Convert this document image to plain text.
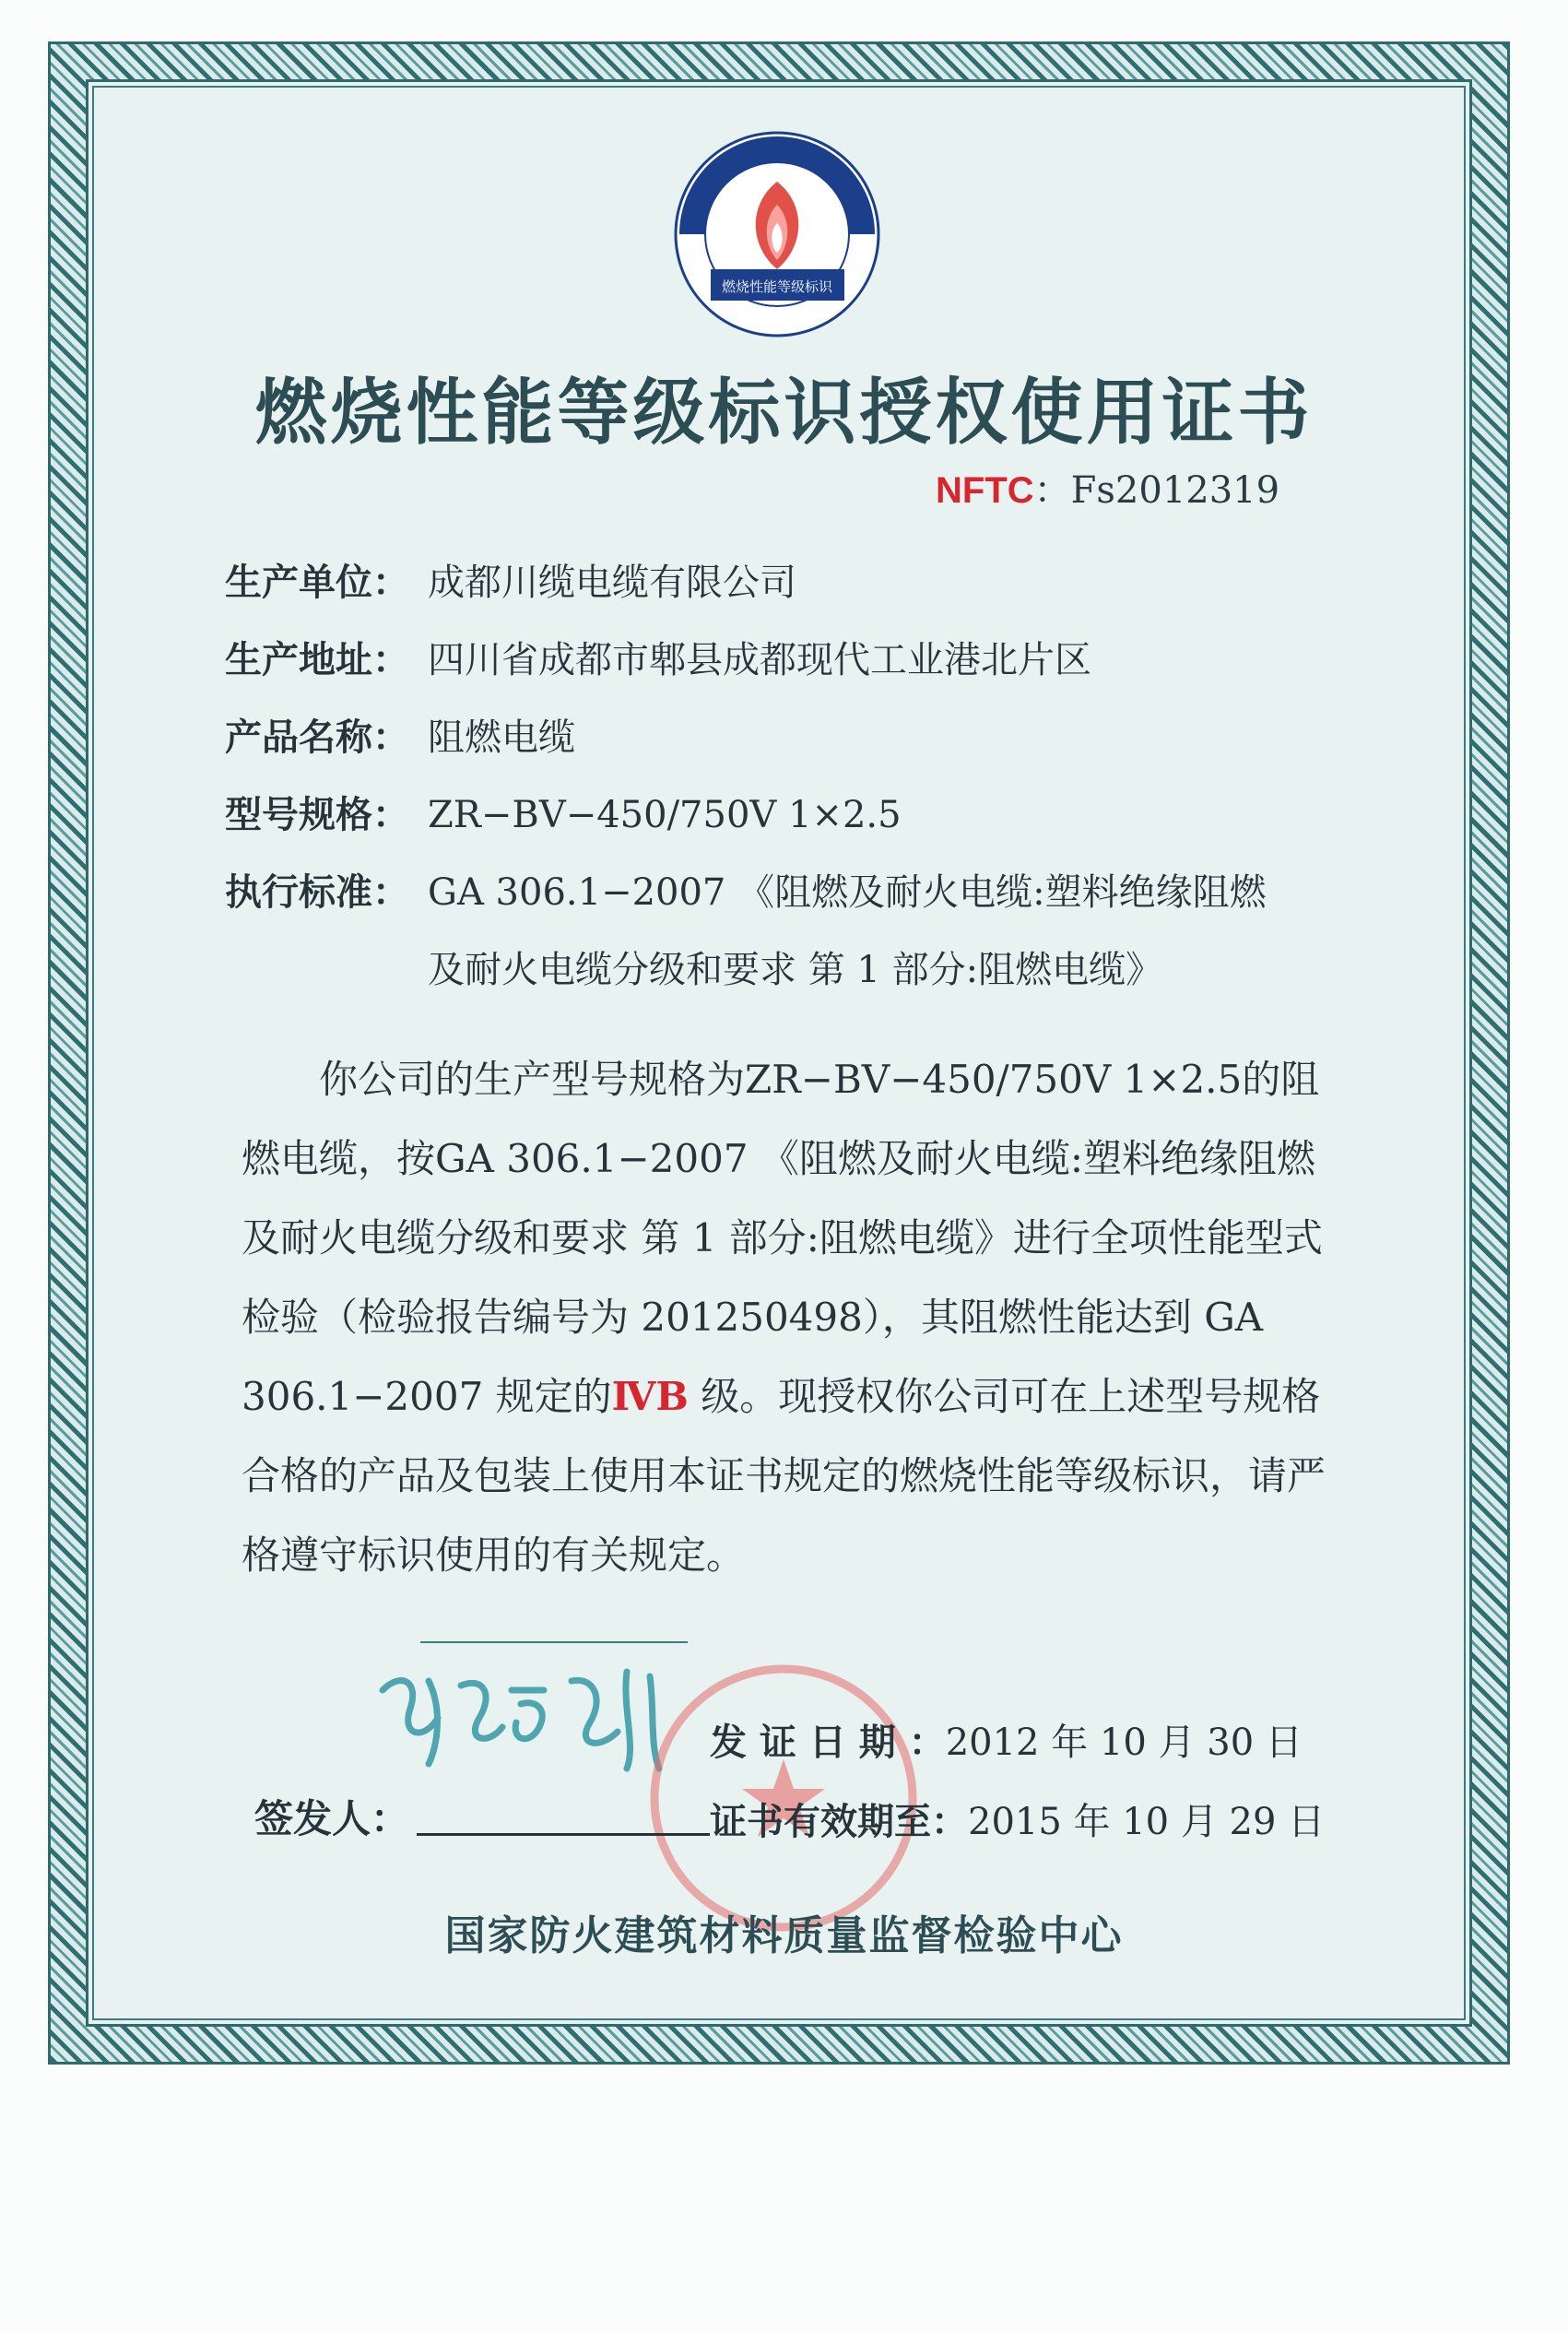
燃烧性能等级标识
燃烧性能等级标识授权使用证书
NFTC：Fs2012319
生产单位： 成都川缆电缆有限公司
生产地址： 四川省成都市郫县成都现代工业港北片区
产品名称： 阻燃电缆
型号规格： ZR−BV−450/750V 1×2.5
执行标准： GA 306.1−2007 《阻燃及耐火电缆:塑料绝缘阻燃
及耐火电缆分级和要求 第 1 部分:阻燃电缆》
你公司的生产型号规格为ZR−BV−450/750V 1×2.5的阻燃电缆，按GA 306.1−2007 《阻燃及耐火电缆:塑料绝缘阻燃及耐火电缆分级和要求 第 1 部分:阻燃电缆》进行全项性能型式检验（检验报告编号为 201250498），其阻燃性能达到 GA 306.1−2007 规定的ⅣB 级。现授权你公司可在上述型号规格合格的产品及包装上使用本证书规定的燃烧性能等级标识，请严格遵守标识使用的有关规定。
签发人：
发 证 日 期 ：2012 年 10 月 30 日
证书有效期至：2015 年 10 月 29 日
国家防火建筑材料质量监督检验中心
